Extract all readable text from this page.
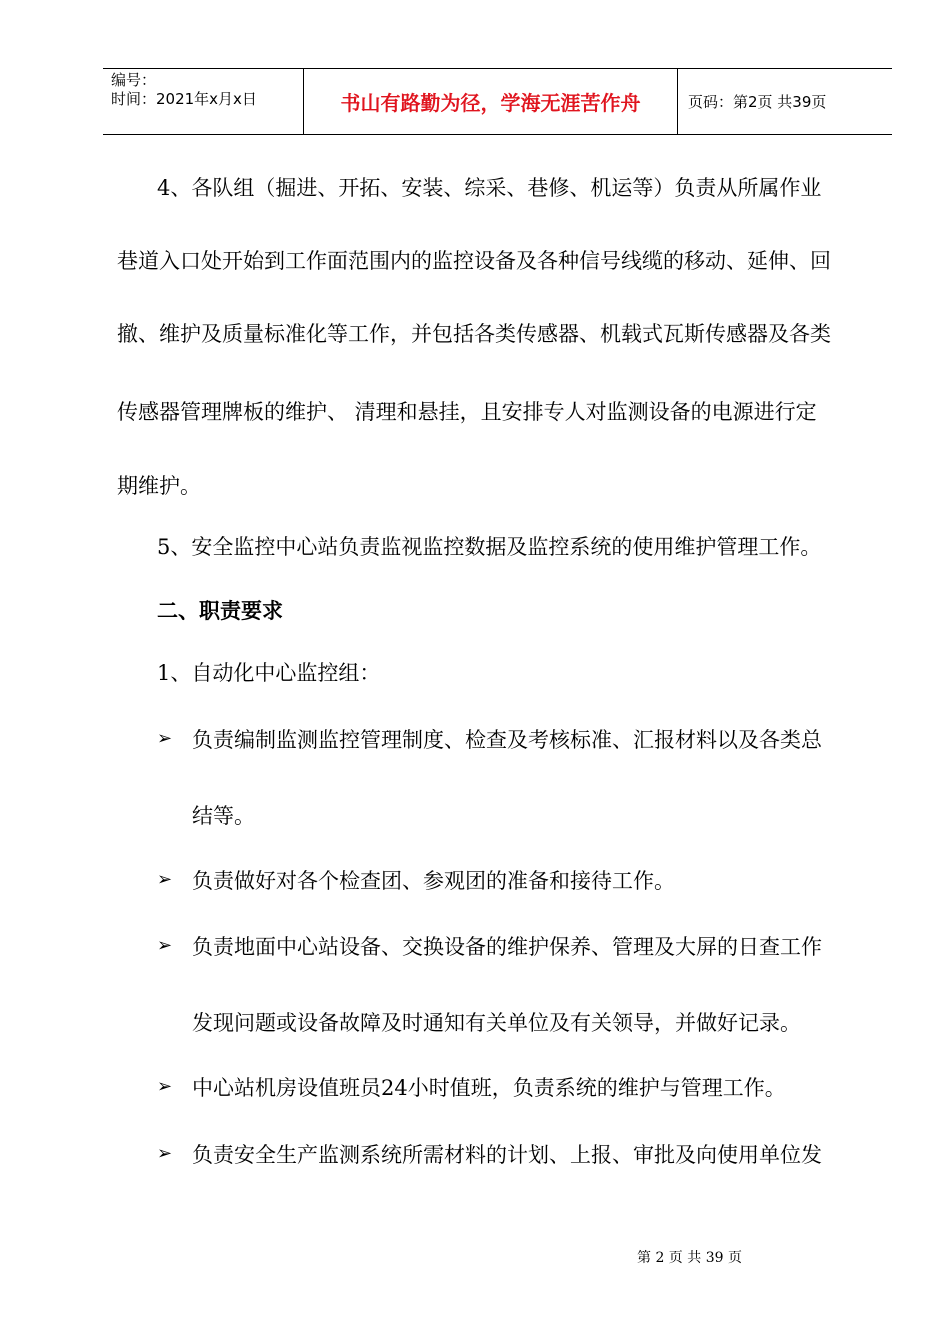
编号：
时间：2021年x月x日	书山有路勤为径，学海无涯苦作舟	页码：第2页 共39页
4、各队组（掘进、开拓、安装、综采、巷修、机运等）负责从所属作业
巷道入口处开始到工作面范围内的监控设备及各种信号线缆的移动、延伸、回
撤、维护及质量标准化等工作，并包括各类传感器、机载式瓦斯传感器及各类
传感器管理牌板的维护、 清理和悬挂，且安排专人对监测设备的电源进行定
期维护。
5、安全监控中心站负责监视监控数据及监控系统的使用维护管理工作。
二、职责要求
1、自动化中心监控组：
➢ 负责编制监测监控管理制度、检查及考核标准、汇报材料以及各类总
结等。
➢ 负责做好对各个检查团、参观团的准备和接待工作。
➢ 负责地面中心站设备、交换设备的维护保养、管理及大屏的日查工作
发现问题或设备故障及时通知有关单位及有关领导，并做好记录。
➢ 中心站机房设值班员24小时值班，负责系统的维护与管理工作。
➢ 负责安全生产监测系统所需材料的计划、上报、审批及向使用单位发
第 2 页 共 39 页
